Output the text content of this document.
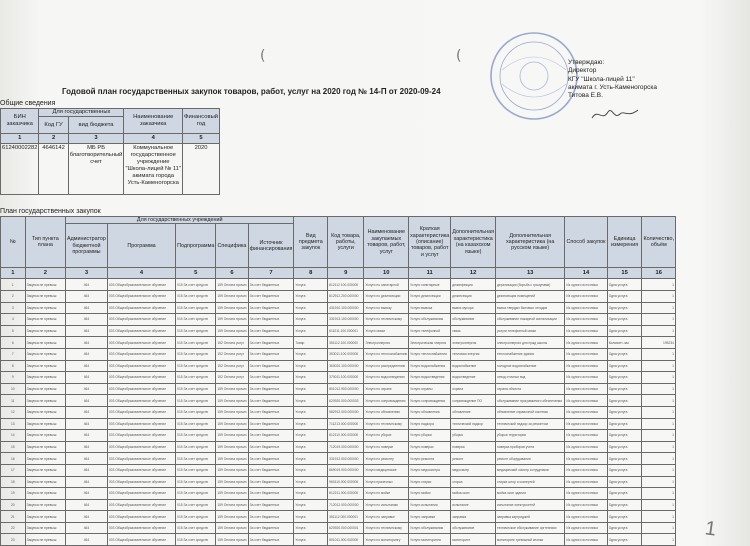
(	(	Утверждаю:
Директор
КГУ "Школа-лицей 11"
акимата г. Усть-Каменогорска
Титова Е.В.
Годовой план государственных закупок товаров, работ, услуг на 2020 год № 14-П от 2020-09-24
Общие сведения
БИН заказчика	Для государственных		Наименование заказчика	Финансовый год
	Код ГУ	вид бюджета		
1	2	3	4	5
61240002282	4646142	МБ РБ благотворительный счет	Коммунальное государственное учреждение "Школа-лицей № 11" акимата города Усть-Каменогорска	2020
План государственных закупок
№	Тип пункта плана	Для государственных учреждений					Вид предмета закупок	Код товара, работы, услуги	Наименование закупаемых товаров, работ, услуг	Краткая характеристика (описание) товаров, работ и услуг	Дополнительная характеристика (на казахском языке)	Дополнительная характеристика (на русском языке)	Способ закупок	Единица измерения	Количество, объём
		Администратор бюджетной программы	Программа	Подпрограмма	Специфика	Источник финансирования									
1	2	3	4	5	6	7	8	9	10	11	12	13	14	15	16
1	Закупка не превыш	464	003 Общеобразовательное обучение	015 За счет средств	159 Оплата прочих	За счет бюджетных	Услуга	812112.100.000000	Услуги по санитарной	Услуги санитарные	дезинфекция	дератизация (борьба с грызунами)	Из одного источника	Одна услуга	1
2	Закупка не превыш	464	003 Общеобразовательное обучение	015 За счет средств	159 Оплата прочих	За счет бюджетных	Услуга	812912.200.000000	Услуги по дезинсекции	Услуги дезинсекции	дезинсекция	дезинсекция помещений	Из одного источника	Одна услуга	1
3	Закупка не превыш	464	003 Общеобразовательное обучение	015 За счет средств	159 Оплата прочих	За счет бюджетных	Услуга	431910.100.000000	Услуги по вывозу	Услуги вывоза	вывоз мусора	вывоз твердых бытовых отходов	Из одного источника	Одна услуга	1
4	Закупка не превыш	464	003 Общеобразовательное обучение	015 За счет средств	159 Оплата прочих	За счет бюджетных	Услуга	331913.100.000000	Услуги по техническому	Услуги обслуживания	обслуживание	обслуживание пожарной сигнализации	Из одного источника	Одна услуга	1
5	Закупка не превыш	464	003 Общеобразовательное обучение	015 За счет средств	159 Оплата прочих	За счет бюджетных	Услуга	611011.100.000001	Услуги связи	Услуги телефонной	связь	услуги телефонной связи	Из одного источника	Одна услуга	1
6	Закупка не превыш	464	003 Общеобразовательное обучение	015 За счет средств	152 Оплата услуг	За счет бюджетных	Товар	351112.100.000000	Электроэнергия	Электрическая энергия	электроэнергия	электроэнергия для нужд школы	Из одного источника	Киловатт-час	195234
7	Закупка не превыш	464	003 Общеобразовательное обучение	015 За счет средств	152 Оплата услуг	За счет бюджетных	Услуга	353011.100.000000	Услуги по теплоснабжению	Услуги теплоснабжения	тепловая энергия	теплоснабжение здания	Из одного источника	Одна услуга	1
8	Закупка не превыш	464	003 Общеобразовательное обучение	015 За счет средств	152 Оплата услуг	За счет бюджетных	Услуга	360020.100.000000	Услуги по распределению	Услуги водоснабжения	водоснабжение	холодное водоснабжение	Из одного источника	Одна услуга	1
9	Закупка не превыш	464	003 Общеобразовательное обучение	015 За счет средств	152 Оплата услуг	За счет бюджетных	Услуга	370011.100.000000	Услуги по водоотведению	Услуги водоотведения	водоотведение	отвод сточных вод	Из одного источника	Одна услуга	1
10	Закупка не превыш	464	003 Общеобразовательное обучение	015 За счет средств	159 Оплата прочих	За счет бюджетных	Услуга	801012.900.000000	Услуги по охране	Услуги охраны	охрана	охрана объекта	Из одного источника	Одна услуга	1
11	Закупка не превыш	464	003 Общеобразовательное обучение	015 За счет средств	159 Оплата прочих	За счет бюджетных	Услуга	620920.000.000003	Услуги по сопровождению	Услуги сопровождения	сопровождение ПО	обслуживание программного обеспечения	Из одного источника	Одна услуга	1
12	Закупка не превыш	464	003 Общеобразовательное обучение	015 За счет средств	159 Оплата прочих	За счет бюджетных	Услуга	582912.000.000000	Услуги по обновлению	Услуги обновления	обновление	обновление справочной системы	Из одного источника	Одна услуга	1
13	Закупка не превыш	464	003 Общеобразовательное обучение	015 За счет средств	159 Оплата прочих	За счет бюджетных	Услуга	711213.000.000000	Услуги по техническому	Услуги надзора	технический надзор	технический надзор за ремонтом	Из одного источника	Одна услуга	1
14	Закупка не превыш	464	003 Общеобразовательное обучение	015 За счет средств	159 Оплата прочих	За счет бюджетных	Услуга	812110.000.000000	Услуги по уборке	Услуги уборки	уборка	уборка территории	Из одного источника	Одна услуга	1
15	Закупка не превыш	464	003 Общеобразовательное обучение	015 За счет средств	159 Оплата прочих	За счет бюджетных	Услуга	712019.000.000000	Услуги по поверке	Услуги поверки	поверка	поверка приборов учета	Из одного источника	Одна услуга	1
16	Закупка не превыш	464	003 Общеобразовательное обучение	015 За счет средств	159 Оплата прочих	За счет бюджетных	Услуга	331912.000.000000	Услуги по ремонту	Услуги ремонта	ремонт	ремонт оборудования	Из одного источника	Одна услуга	1
17	Закупка не превыш	464	003 Общеобразовательное обучение	015 За счет средств	159 Оплата прочих	За счет бюджетных	Услуга	869019.000.000000	Услуги медицинские	Услуги медосмотра	медосмотр	медицинский осмотр сотрудников	Из одного источника	Одна услуга	1
18	Закупка не превыш	464	003 Общеобразовательное обучение	015 За счет средств	159 Оплата прочих	За счет бюджетных	Услуга	960110.000.000000	Услуги прачечных	Услуги стирки	стирка	стирка штор и скатертей	Из одного источника	Одна услуга	1
19	Закупка не превыш	464	003 Общеобразовательное обучение	015 За счет средств	159 Оплата прочих	За счет бюджетных	Услуга	812211.000.000000	Услуги по мойке	Услуги мойки	мойка окон	мойка окон здания	Из одного источника	Одна услуга	1
20	Закупка не превыш	464	003 Общеобразовательное обучение	015 За счет средств	159 Оплата прочих	За счет бюджетных	Услуга	712012.000.000000	Услуги по испытанию	Услуги испытания	испытание	испытание электросетей	Из одного источника	Одна услуга	1
21	Закупка не превыш	464	003 Общеобразовательное обучение	015 За счет средств	159 Оплата прочих	За счет бюджетных	Услуга	351112.000.000001	Услуги по заправке	Услуги заправки	заправка	заправка картриджей	Из одного источника	Одна услуга	1
22	Закупка не превыш	464	003 Общеобразовательное обучение	015 За счет средств	159 Оплата прочих	За счет бюджетных	Услуга	620920.000.000001	Услуги по техническому	Услуги обслуживания	обслуживание	техническое обслуживание оргтехники	Из одного источника	Одна услуга	1
23	Закупка не превыш	464	003 Общеобразовательное обучение	015 За счет средств	159 Оплата прочих	За счет бюджетных	Услуга	801011.000.000000	Услуги по мониторингу	Услуги мониторинга	мониторинг	мониторинг тревожной кнопки	Из одного источника	Одна услуга	1 1
